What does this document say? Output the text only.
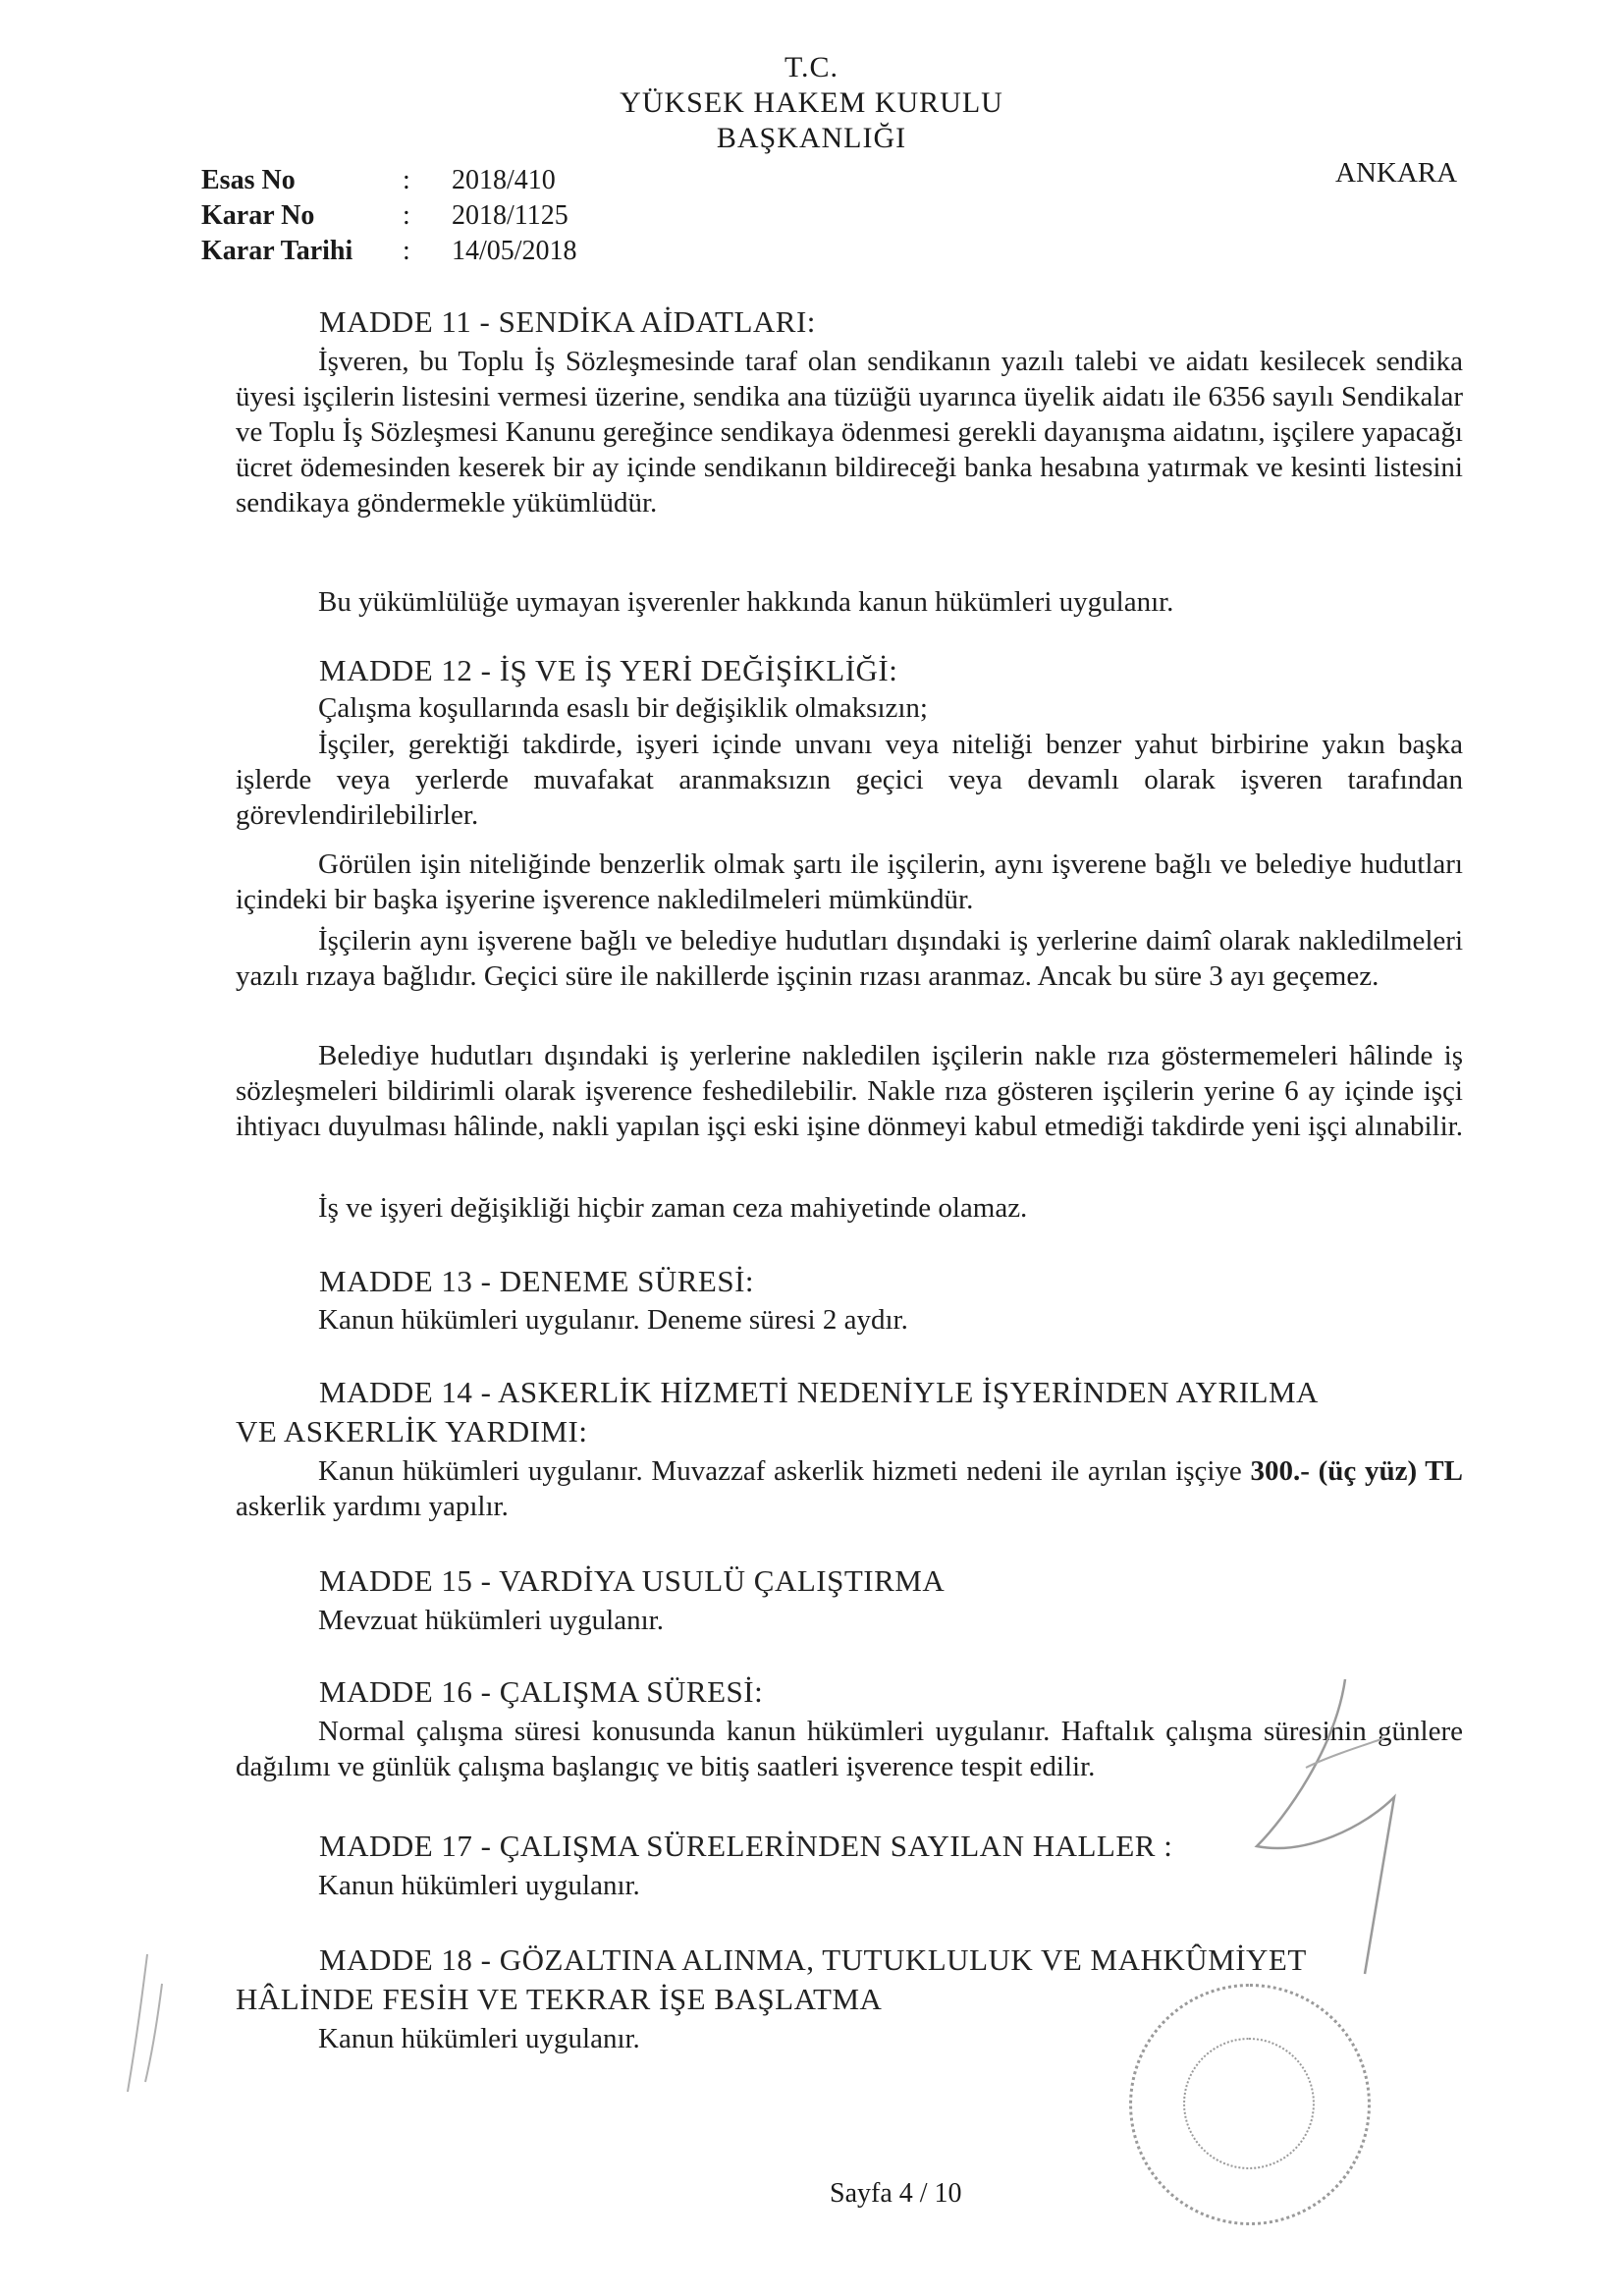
T.C.
YÜKSEK HAKEM KURULU
BAŞKANLIĞI
ANKARA
Esas No	: 2018/410
Karar No	: 2018/1125
Karar Tarihi	: 14/05/2018
MADDE 11 - SENDİKA AİDATLARI:
İşveren, bu Toplu İş Sözleşmesinde taraf olan sendikanın yazılı talebi ve aidatı kesilecek sendika üyesi işçilerin listesini vermesi üzerine, sendika ana tüzüğü uyarınca üyelik aidatı ile 6356 sayılı Sendikalar ve Toplu İş Sözleşmesi Kanunu gereğince sendikaya ödenmesi gerekli dayanışma aidatını, işçilere yapacağı ücret ödemesinden keserek bir ay içinde sendikanın bildireceği banka hesabına yatırmak ve kesinti listesini sendikaya göndermekle yükümlüdür.
Bu yükümlülüğe uymayan işverenler hakkında kanun hükümleri uygulanır.
MADDE 12 - İŞ VE İŞ YERİ DEĞİŞİKLİĞİ:
Çalışma koşullarında esaslı bir değişiklik olmaksızın;
İşçiler, gerektiği takdirde, işyeri içinde unvanı veya niteliği benzer yahut birbirine yakın başka işlerde veya yerlerde muvafakat aranmaksızın geçici veya devamlı olarak işveren tarafından görevlendirilebilirler.
Görülen işin niteliğinde benzerlik olmak şartı ile işçilerin, aynı işverene bağlı ve belediye hudutları içindeki bir başka işyerine işverence nakledilmeleri mümkündür.
İşçilerin aynı işverene bağlı ve belediye hudutları dışındaki iş yerlerine daimî olarak nakledilmeleri yazılı rızaya bağlıdır. Geçici süre ile nakillerde işçinin rızası aranmaz. Ancak bu süre 3 ayı geçemez.
Belediye hudutları dışındaki iş yerlerine nakledilen işçilerin nakle rıza göstermemeleri hâlinde iş sözleşmeleri bildirimli olarak işverence feshedilebilir. Nakle rıza gösteren işçilerin yerine 6 ay içinde işçi ihtiyacı duyulması hâlinde, nakli yapılan işçi eski işine dönmeyi kabul etmediği takdirde yeni işçi alınabilir.
İş ve işyeri değişikliği hiçbir zaman ceza mahiyetinde olamaz.
MADDE 13 - DENEME SÜRESİ:
Kanun hükümleri uygulanır. Deneme süresi 2 aydır.
MADDE 14 - ASKERLİK HİZMETİ NEDENİYLE İŞYERİNDEN AYRILMA
VE ASKERLİK YARDIMI:
Kanun hükümleri uygulanır. Muvazzaf askerlik hizmeti nedeni ile ayrılan işçiye 300.- (üç yüz) TL askerlik yardımı yapılır.
MADDE 15 - VARDİYA USULÜ ÇALIŞTIRMA
Mevzuat hükümleri uygulanır.
MADDE 16 - ÇALIŞMA SÜRESİ:
Normal çalışma süresi konusunda kanun hükümleri uygulanır. Haftalık çalışma süresinin günlere dağılımı ve günlük çalışma başlangıç ve bitiş saatleri işverence tespit edilir.
MADDE 17 - ÇALIŞMA SÜRELERİNDEN SAYILAN HALLER :
Kanun hükümleri uygulanır.
MADDE 18 - GÖZALTINA ALINMA, TUTUKLULUK VE MAHKÛMİYET
HÂLİNDE FESİH VE TEKRAR İŞE BAŞLATMA
Kanun hükümleri uygulanır.
Sayfa 4 / 10
